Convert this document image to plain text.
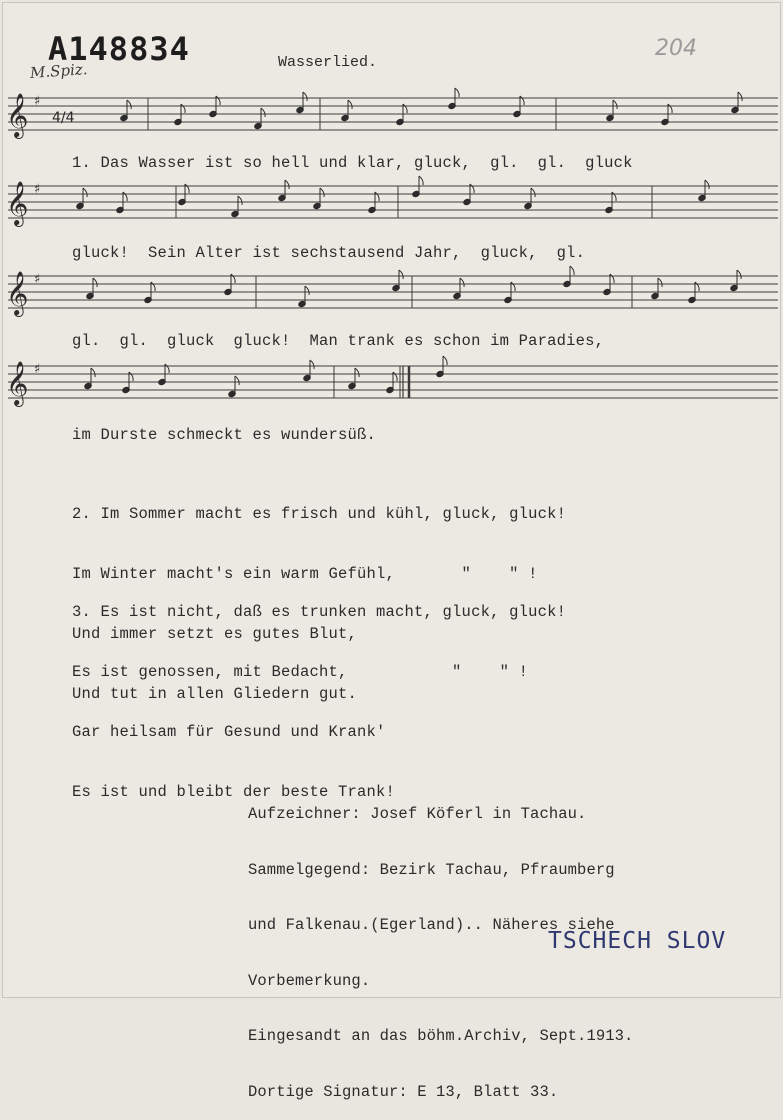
A148834
M.Spiz.
204
Wasserlied.
𝄞 ♯
4/4
𝄞 ♯
𝄞 ♯
𝄞 ♯
1. Das Wasser ist so hell und klar, gluck,  gl.  gl.  gluck
gluck!  Sein Alter ist sechstausend Jahr,  gluck,  gl.
gl.  gl.  gluck  gluck!  Man trank es schon im Paradies,
im Durste schmeckt es wundersüß.

2. Im Sommer macht es frisch und kühl, gluck, gluck!

Im Winter macht's ein warm Gefühl,       "    " !

Und immer setzt es gutes Blut,

Und tut in allen Gliedern gut.

3. Es ist nicht, daß es trunken macht, gluck, gluck!

Es ist genossen, mit Bedacht,           "    " !

Gar heilsam für Gesund und Krank'

Es ist und bleibt der beste Trank!

Aufzeichner: Josef Köferl in Tachau.

Sammelgegend: Bezirk Tachau, Pfraumberg

und Falkenau.(Egerland).. Näheres siehe

Vorbemerkung.

Eingesandt an das böhm.Archiv, Sept.1913.

Dortige Signatur: E 13, Blatt 33.

TSCHECH SLOV
